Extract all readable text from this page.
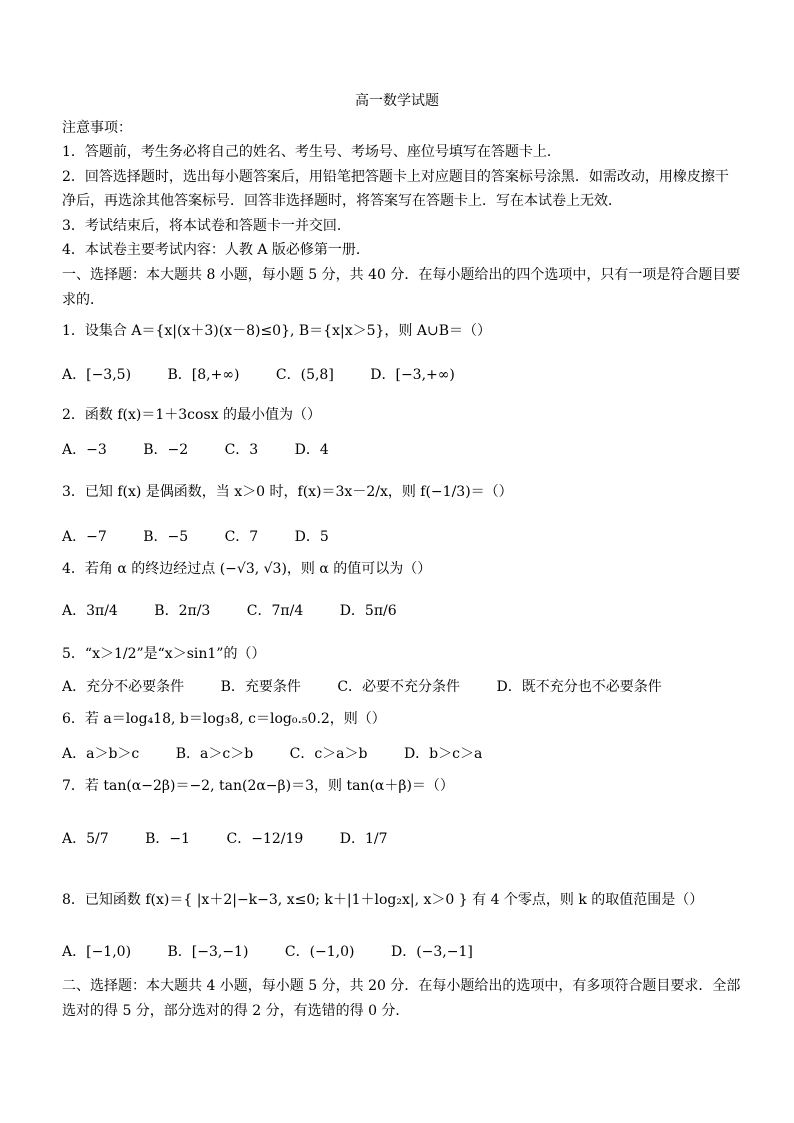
高一数学试题
注意事项：
1．答题前，考生务必将自己的姓名、考生号、考场号、座位号填写在答题卡上．
2．回答选择题时，选出每小题答案后，用铅笔把答题卡上对应题目的答案标号涂黑．如需改动，用橡皮擦干
净后，再选涂其他答案标号．回答非选择题时，将答案写在答题卡上．写在本试卷上无效．
3．考试结束后，将本试卷和答题卡一并交回．
4．本试卷主要考试内容：人教 A 版必修第一册．
一、选择题：本大题共 8 小题，每小题 5 分，共 40 分．在每小题给出的四个选项中，只有一项是符合题目要
求的．
1．设集合 A＝{x|(x＋3)(x－8)≤0}, B＝{x|x＞5}，则 A∪B＝（）
A．[−3,5)	B．[8,+∞)	C．(5,8]	D．[−3,+∞)
2．函数 f(x)＝1＋3cosx 的最小值为（）
A．−3	B．−2	C．3	D．4
3．已知 f(x) 是偶函数，当 x＞0 时，f(x)＝3x－2/x，则 f(−1/3)＝（）
A．−7	B．−5	C．7	D．5
4．若角 α 的终边经过点 (−√3, √3)，则 α 的值可以为（）
A．3π/4	B．2π/3	C．7π/4	D．5π/6
5．“x＞1/2”是“x＞sin1”的（）
A．充分不必要条件	B．充要条件	C．必要不充分条件	D．既不充分也不必要条件
6．若 a＝log₄18, b＝log₃8, c＝log₀.₅0.2，则（）
A．a＞b＞c	B．a＞c＞b	C．c＞a＞b	D．b＞c＞a
7．若 tan(α−2β)＝−2, tan(2α−β)＝3，则 tan(α＋β)＝（）
A．5/7	B．−1	C．−12/19	D．1/7
8．已知函数 f(x)＝{ |x＋2|−k−3, x≤0; k＋|1＋log₂x|, x＞0 } 有 4 个零点，则 k 的取值范围是（）
A．[−1,0)	B．[−3,−1)	C．(−1,0)	D．(−3,−1]
二、选择题：本大题共 4 小题，每小题 5 分，共 20 分．在每小题给出的选项中，有多项符合题目要求．全部
选对的得 5 分，部分选对的得 2 分，有选错的得 0 分．
